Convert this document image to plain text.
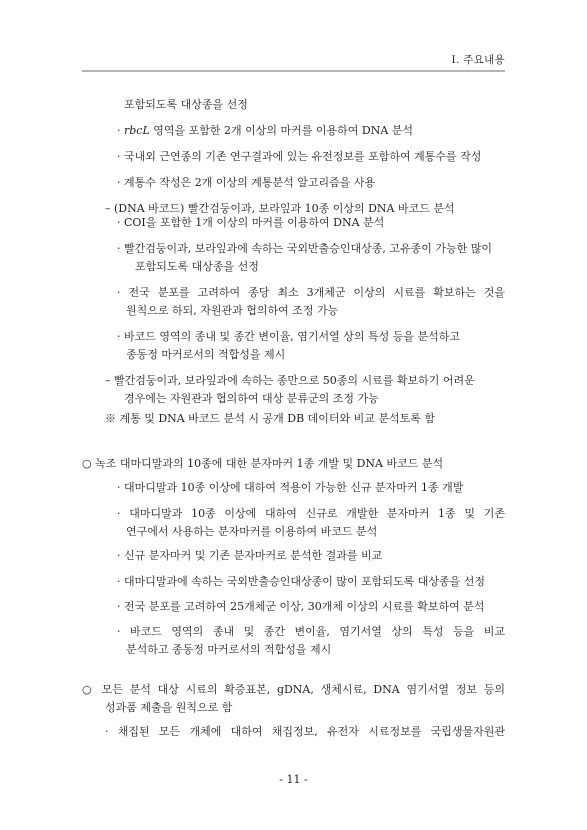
Ⅰ. 주요내용
포함되도록 대상종을 선정
· rbcL 영역을 포함한 2개 이상의 마커를 이용하여 DNA 분석
· 국내외 근연종의 기존 연구결과에 있는 유전정보를 포함하여 계통수를 작성
· 계통수 작성은 2개 이상의 계통분석 알고리즘을 사용
– (DNA 바코드) 빨간검둥이과, 보라잎과 10종 이상의 DNA 바코드 분석
· COI을 포함한 1개 이상의 마커를 이용하여 DNA 분석
· 빨간검둥이과, 보라잎과에 속하는 국외반출승인대상종, 고유종이 가능한 많이
포함되도록 대상종을 선정
· 전국 분포를 고려하여 종당 최소 3개체군 이상의 시료를 확보하는 것을
원칙으로 하되, 자원관과 협의하여 조정 가능
· 바코드 영역의 종내 및 종간 변이율, 염기서열 상의 특성 등을 분석하고
종동정 마커로서의 적합성을 제시
– 빨간검둥이과, 보라잎과에 속하는 종만으로 50종의 시료를 확보하기 어려운
경우에는 자원관과 협의하여 대상 분류군의 조정 가능
※ 계통 및 DNA 바코드 분석 시 공개 DB 데이터와 비교 분석토록 함
○ 녹조 대마디말과의 10종에 대한 분자마커 1종 개발 및 DNA 바코드 분석
· 대마디말과 10종 이상에 대하여 적용이 가능한 신규 분자마커 1종 개발
· 대마디말과 10종 이상에 대하여 신규로 개발한 분자마커 1종 및 기존
연구에서 사용하는 분자마커를 이용하여 바코드 분석
· 신규 분자마커 및 기존 분자마커로 분석한 결과를 비교
· 대마디말과에 속하는 국외반출승인대상종이 많이 포함되도록 대상종을 선정
· 전국 분포를 고려하여 25개체군 이상, 30개체 이상의 시료를 확보하여 분석
· 바코드 영역의 종내 및 종간 변이율, 염기서열 상의 특성 등을 비교
분석하고 종동정 마커로서의 적합성을 제시
○ 모든 분석 대상 시료의 확증표본, gDNA, 생체시료, DNA 염기서열 정보 등의
성과품 제출을 원칙으로 함
· 채집된 모든 개체에 대하여 채집정보, 유전자 시료정보를 국립생물자원관
- 11 -
